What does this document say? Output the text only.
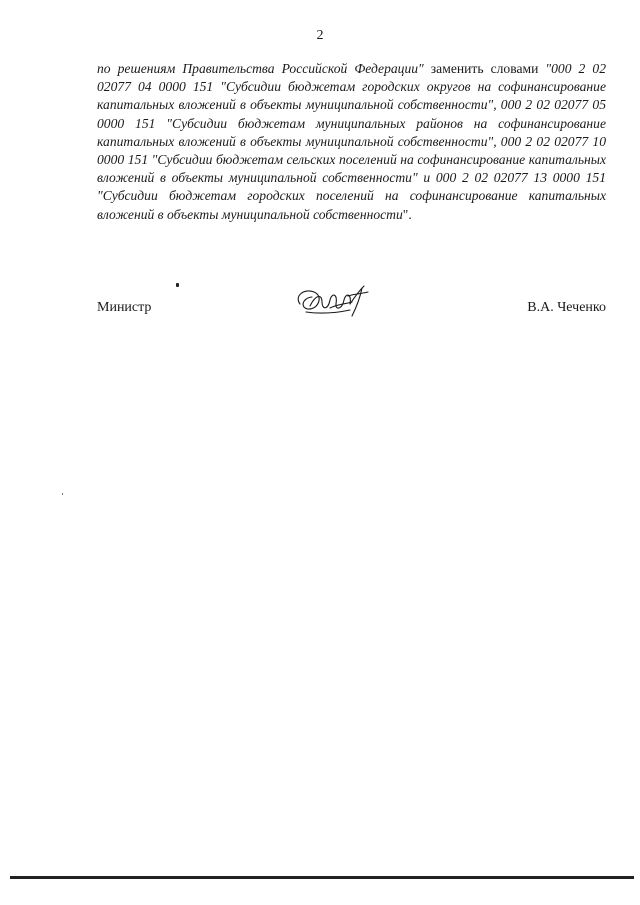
2
по решениям Правительства Российской Федерации" заменить словами "000 2 02 02077 04 0000 151 "Субсидии бюджетам городских округов на софинансирование капитальных вложений в объекты муниципальной собственности", 000 2 02 02077 05 0000 151 "Субсидии бюджетам муниципальных районов на софинансирование капитальных вложений в объекты муниципальной собственности", 000 2 02 02077 10 0000 151 "Субсидии бюджетам сельских поселений на софинансирование капитальных вложений в объекты муниципальной собственности" и 000 2 02 02077 13 0000 151 "Субсидии бюджетам городских поселений на софинансирование капитальных вложений в объекты муниципальной собственности".
Министр	В.А. Чеченко
